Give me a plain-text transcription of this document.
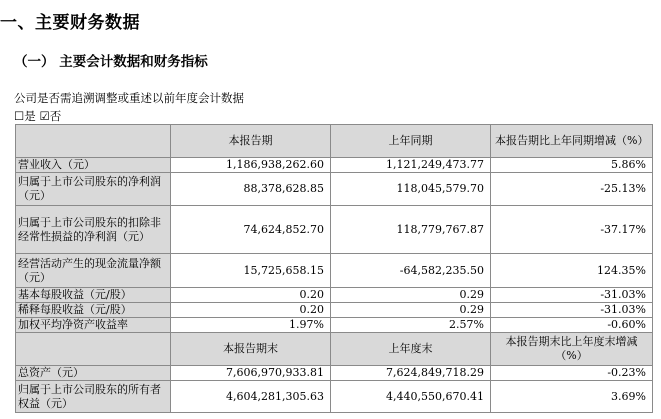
一、主要财务数据
（一） 主要会计数据和财务指标
公司是否需追溯调整或重述以前年度会计数据
☐是 ☑否
	本报告期	上年同期	本报告期比上年同期增减（%）
营业收入（元）	1,186,938,262.60	1,121,249,473.77	5.86%
归属于上市公司股东的净利润（元）	88,378,628.85	118,045,579.70	-25.13%
归属于上市公司股东的扣除非经常性损益的净利润（元）	74,624,852.70	118,779,767.87	-37.17%
经营活动产生的现金流量净额（元）	15,725,658.15	-64,582,235.50	124.35%
基本每股收益（元/股）	0.20	0.29	-31.03%
稀释每股收益（元/股）	0.20	0.29	-31.03%
加权平均净资产收益率	1.97%	2.57%	-0.60%
	本报告期末	上年度末	本报告期末比上年度末增减（%）
总资产（元）	7,606,970,933.81	7,624,849,718.29	-0.23%
归属于上市公司股东的所有者权益（元）	4,604,281,305.63	4,440,550,670.41	3.69%
